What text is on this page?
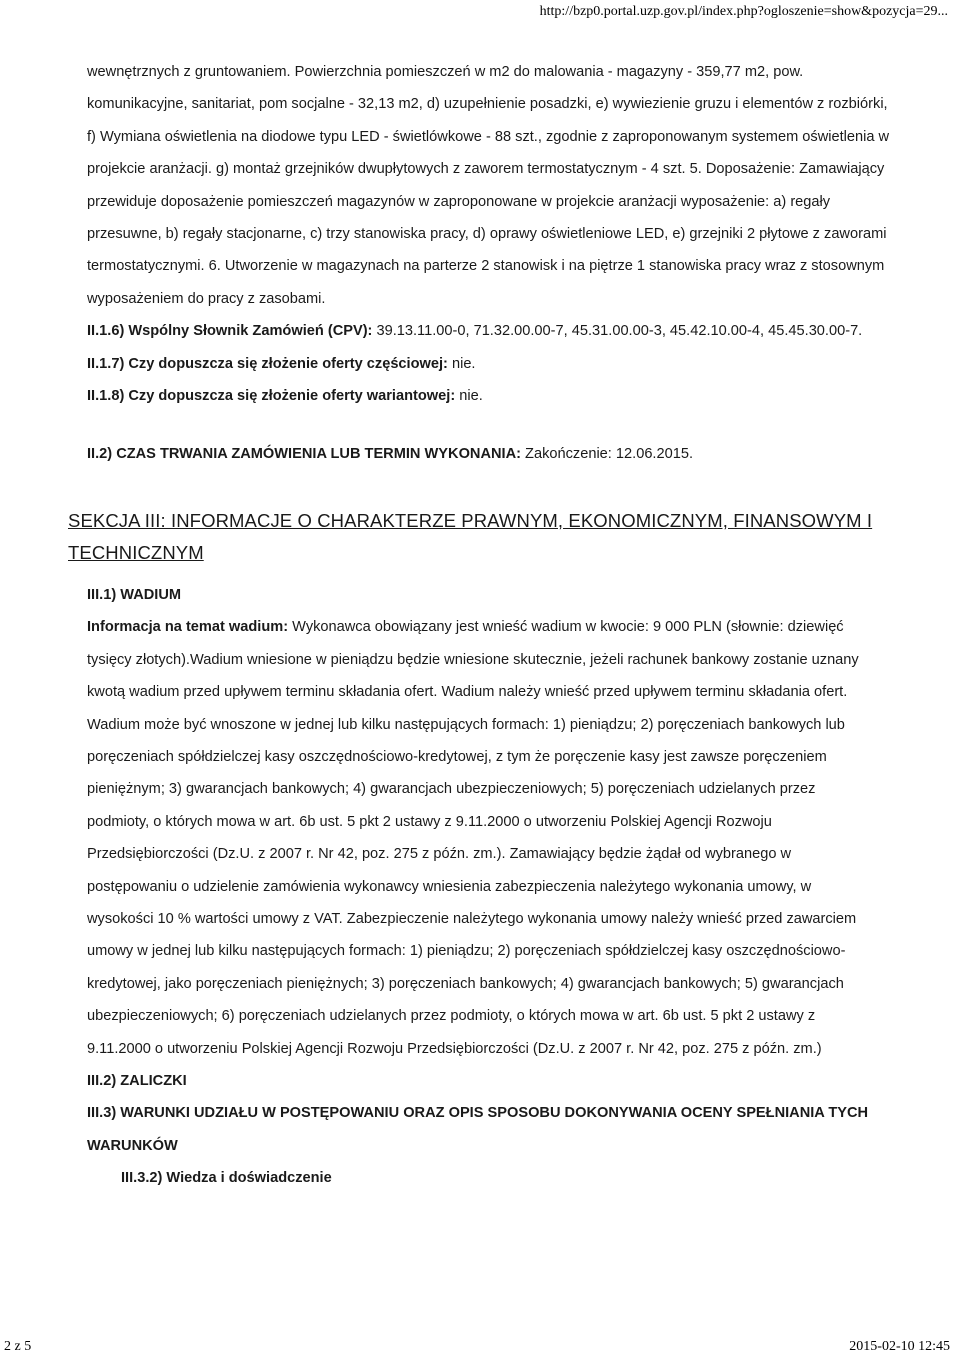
http://bzp0.portal.uzp.gov.pl/index.php?ogloszenie=show&pozycja=29...

wewnętrznych z gruntowaniem. Powierzchnia pomieszczeń w m2 do malowania - magazyny - 359,77 m2, pow. komunikacyjne, sanitariat, pom socjalne - 32,13 m2, d) uzupełnienie posadzki, e) wywiezienie gruzu i elementów z rozbiórki, f) Wymiana oświetlenia na diodowe typu LED - świetlówkowe - 88 szt., zgodnie z zaproponowanym systemem oświetlenia w projekcie aranżacji. g) montaż grzejników dwupłytowych z zaworem termostatycznym - 4 szt. 5. Doposażenie: Zamawiający przewiduje doposażenie pomieszczeń magazynów w zaproponowane w projekcie aranżacji wyposażenie: a) regały przesuwne, b) regały stacjonarne, c) trzy stanowiska pracy, d) oprawy oświetleniowe LED, e) grzejniki 2 płytowe z zaworami termostatycznymi. 6. Utworzenie w magazynach na parterze 2 stanowisk i na piętrze 1 stanowiska pracy wraz z stosownym wyposażeniem do pracy z zasobami.

II.1.6) Wspólny Słownik Zamówień (CPV): 39.13.11.00-0, 71.32.00.00-7, 45.31.00.00-3, 45.42.10.00-4, 45.45.30.00-7.

II.1.7) Czy dopuszcza się złożenie oferty częściowej: nie.

II.1.8) Czy dopuszcza się złożenie oferty wariantowej: nie.

II.2) CZAS TRWANIA ZAMÓWIENIA LUB TERMIN WYKONANIA: Zakończenie: 12.06.2015.

SEKCJA III: INFORMACJE O CHARAKTERZE PRAWNYM, EKONOMICZNYM, FINANSOWYM I TECHNICZNYM

III.1) WADIUM

Informacja na temat wadium: Wykonawca obowiązany jest wnieść wadium w kwocie: 9 000 PLN (słownie: dziewięć tysięcy złotych).Wadium wniesione w pieniądzu będzie wniesione skutecznie, jeżeli rachunek bankowy zostanie uznany kwotą wadium przed upływem terminu składania ofert. Wadium należy wnieść przed upływem terminu składania ofert. Wadium może być wnoszone w jednej lub kilku następujących formach: 1) pieniądzu; 2) poręczeniach bankowych lub poręczeniach spółdzielczej kasy oszczędnościowo-kredytowej, z tym że poręczenie kasy jest zawsze poręczeniem pieniężnym; 3) gwarancjach bankowych; 4) gwarancjach ubezpieczeniowych; 5) poręczeniach udzielanych przez podmioty, o których mowa w art. 6b ust. 5 pkt 2 ustawy z 9.11.2000 o utworzeniu Polskiej Agencji Rozwoju Przedsiębiorczości (Dz.U. z 2007 r. Nr 42, poz. 275 z późn. zm.). Zamawiający będzie żądał od wybranego w postępowaniu o udzielenie zamówienia wykonawcy wniesienia zabezpieczenia należytego wykonania umowy, w wysokości 10 % wartości umowy z VAT. Zabezpieczenie należytego wykonania umowy należy wnieść przed zawarciem umowy w jednej lub kilku następujących formach: 1) pieniądzu; 2) poręczeniach spółdzielczej kasy oszczędnościowo-kredytowej, jako poręczeniach pieniężnych; 3) poręczeniach bankowych; 4) gwarancjach bankowych; 5) gwarancjach ubezpieczeniowych; 6) poręczeniach udzielanych przez podmioty, o których mowa w art. 6b ust. 5 pkt 2 ustawy z 9.11.2000 o utworzeniu Polskiej Agencji Rozwoju Przedsiębiorczości (Dz.U. z 2007 r. Nr 42, poz. 275 z późn. zm.)

III.2) ZALICZKI

III.3) WARUNKI UDZIAŁU W POSTĘPOWANIU ORAZ OPIS SPOSOBU DOKONYWANIA OCENY SPEŁNIANIA TYCH WARUNKÓW

III.3.2) Wiedza i doświadczenie

2 z 5	2015-02-10 12:45
